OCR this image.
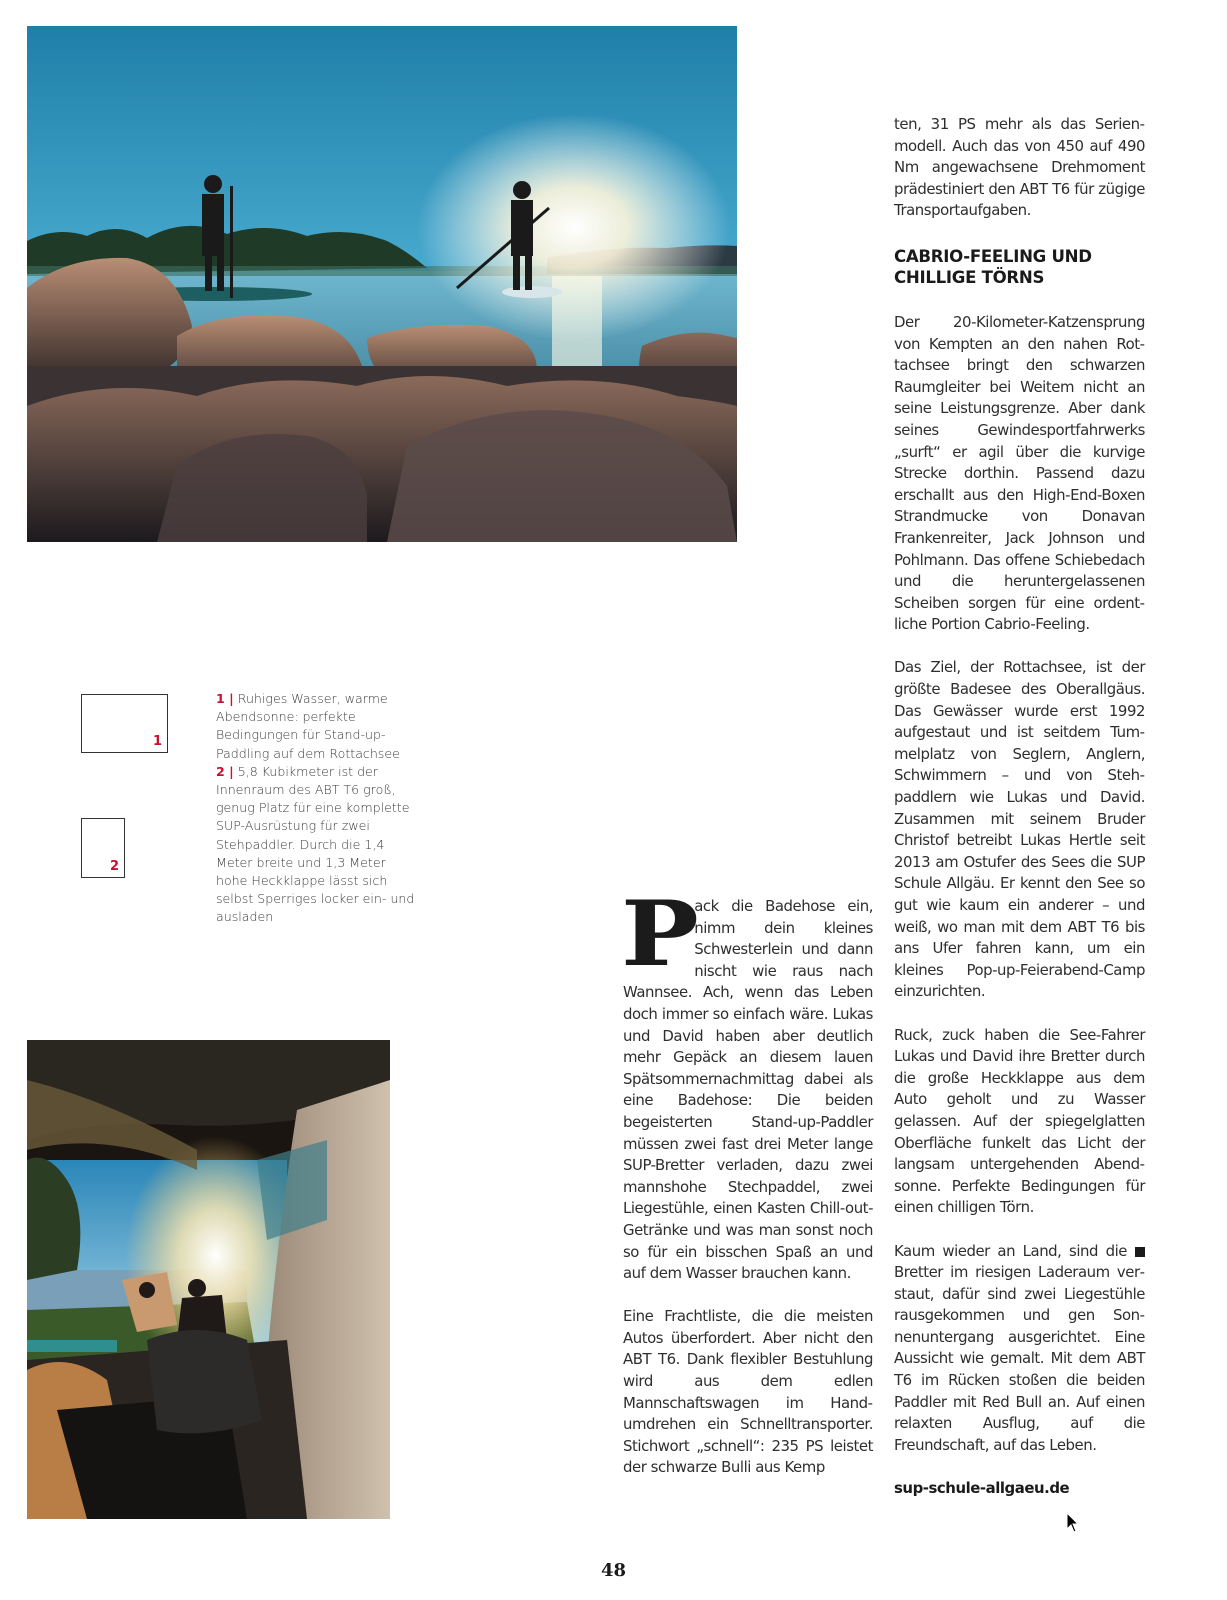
1
2

1 | Ruhiges Wasser, warme Abendsonne: perfekte Bedingungen für Stand-up-Paddling auf dem Rottachsee

2 | 5,8 Kubikmeter ist der Innenraum des ABT T6 groß, genug Platz für eine komplette SUP-Ausrüstung für zwei Stehpaddler. Durch die 1,4 Meter breite und 1,3 Meter hohe Heckklappe lässt sich selbst Sperriges locker ein- und ausladen	P
ack die Badehose ein, nimm dein kleines Schwesterlein und dann nischt wie raus nach Wannsee. Ach, wenn das Leben doch immer so einfach wäre. Lukas und David haben aber deutlich mehr Gepäck an diesem lauen Spätsommernachmittag dabei als eine Badehose: Die beiden begeisterten Stand-up-Paddler müssen zwei fast drei Meter lange SUP-Bretter verladen, dazu zwei mannshohe Stechpaddel, zwei Liegestühle, einen Kasten Chill-out-Getränke und was man sonst noch so für ein bisschen Spaß an und auf dem Wasser brauchen kann.

Eine Frachtliste, die die meisten Autos überfordert. Aber nicht den ABT T6. Dank flexibler Bestuhlung wird aus dem edlen Mannschaftswagen im Handumdrehen ein Schnelltransporter. Stichwort „schnell“: 235 PS leistet der schwarze Bulli aus Kemp

ten, 31 PS mehr als das Serienmodell. Auch das von 450 auf 490 Nm angewachsene Drehmoment prädestiniert den ABT T6 für zügige Transportaufgaben.

CABRIO-FEELING UND
CHILLIGE TÖRNS

Der 20-Kilometer-Katzensprung von Kempten an den nahen Rottachsee bringt den schwarzen Raumgleiter bei Weitem nicht an seine Leistungsgrenze. Aber dank seines Gewindesportfahrwerks „surft“ er agil über die kurvige Strecke dorthin. Passend dazu erschallt aus den High-End-Boxen Strandmucke von Donavan Frankenreiter, Jack Johnson und Pohlmann. Das offene Schiebedach und die heruntergelassenen Scheiben sorgen für eine ordentliche Portion Cabrio-Feeling.

Das Ziel, der Rottachsee, ist der größte Badesee des Oberallgäus. Das Gewässer wurde erst 1992 aufgestaut und ist seitdem Tummelplatz von Seglern, Anglern, Schwimmern – und von Stehpaddlern wie Lukas und David. Zusammen mit seinem Bruder Christof betreibt Lukas Hertle seit 2013 am Ostufer des Sees die SUP Schule Allgäu. Er kennt den See so gut wie kaum ein anderer – und weiß, wo man mit dem ABT T6 bis ans Ufer fahren kann, um ein kleines Pop-up-Feierabend-Camp einzurichten.

Ruck, zuck haben die See-Fahrer Lukas und David ihre Bretter durch die große Heckklappe aus dem Auto geholt und zu Wasser gelassen. Auf der spiegelglatten Oberfläche funkelt das Licht der langsam untergehenden Abendsonne. Perfekte Bedingungen für einen chilligen Törn.

Kaum wieder an Land, sind die Bretter im riesigen Laderaum verstaut, dafür sind zwei Liegestühle rausgekommen und gen Sonnenuntergang ausgerichtet. Eine Aussicht wie gemalt. Mit dem ABT T6 im Rücken stoßen die beiden Paddler mit Red Bull an. Auf einen relaxten Ausflug, auf die Freundschaft, auf das Leben.

sup-schule-allgaeu.de

48
